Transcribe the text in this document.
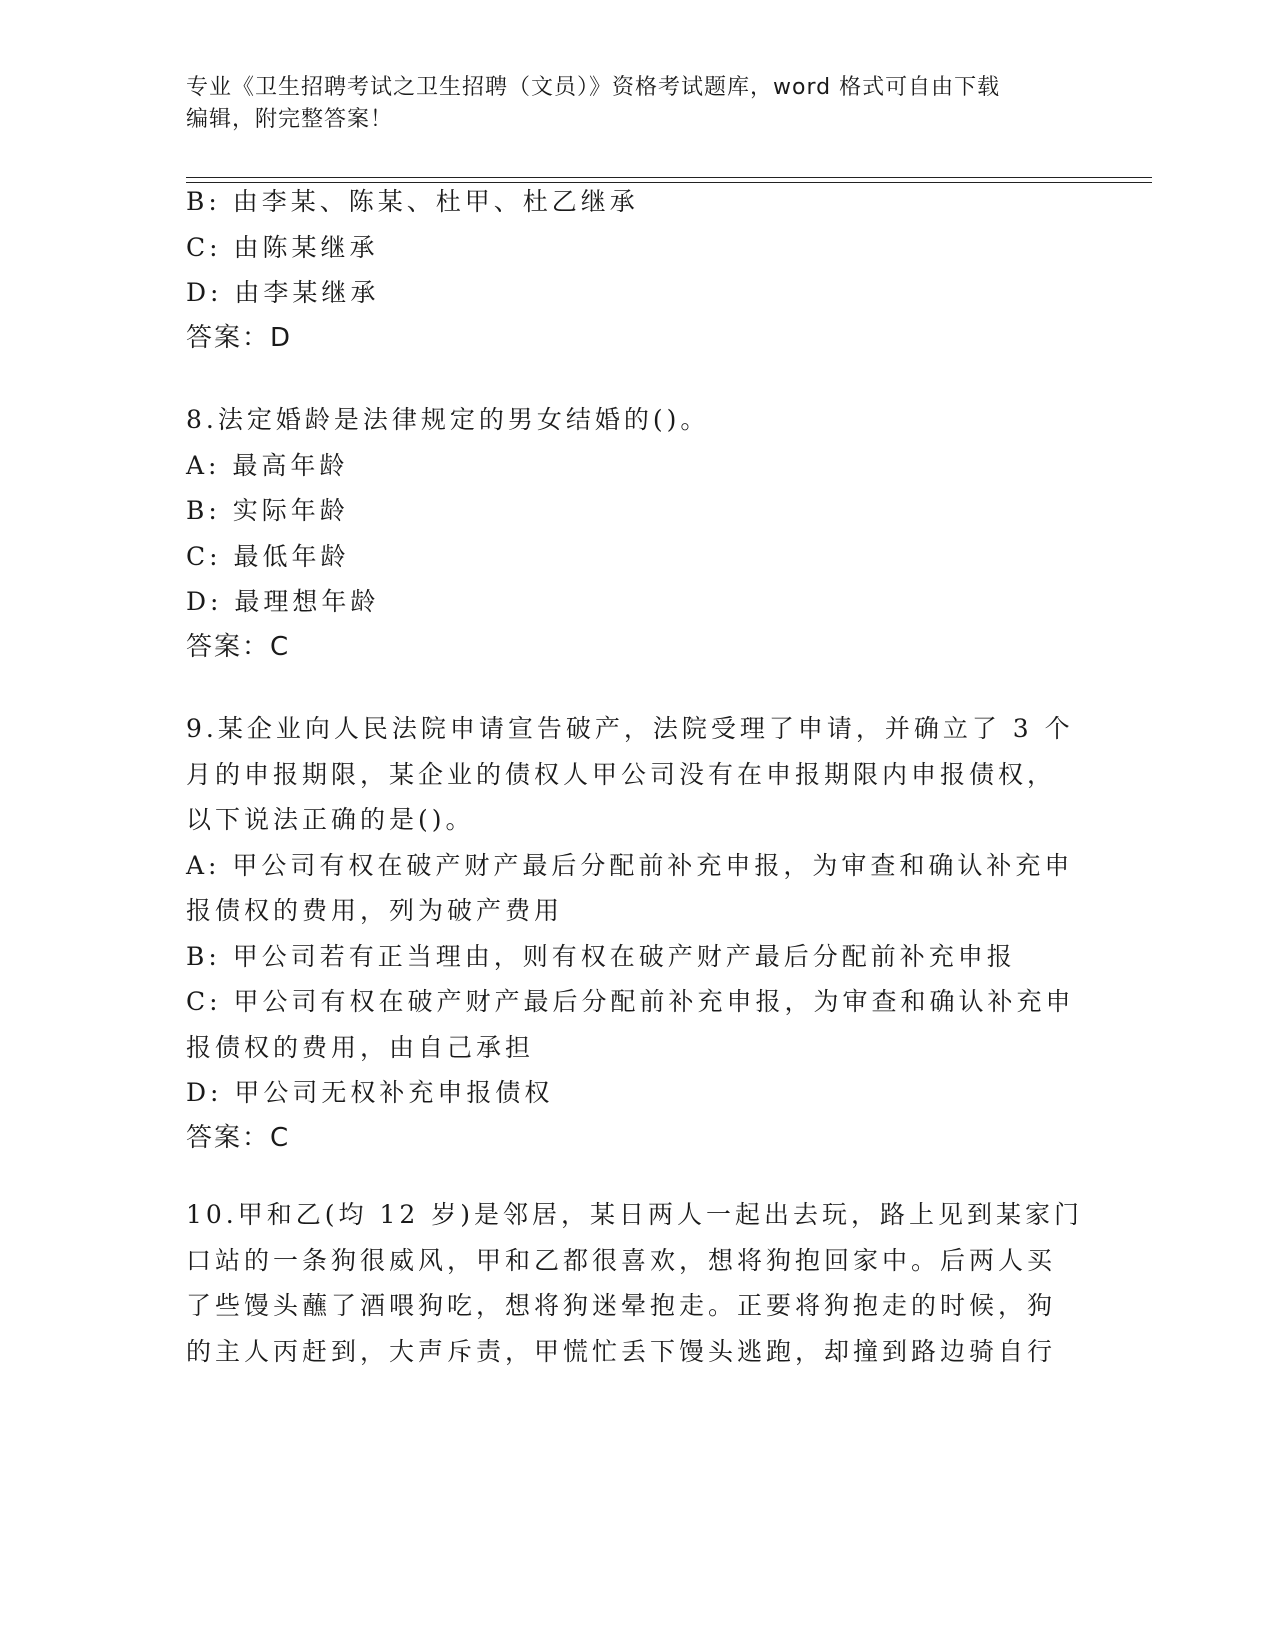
专业《卫生招聘考试之卫生招聘（文员）》资格考试题库，word 格式可自由下载
编辑，附完整答案！
B: 由李某、陈某、杜甲、杜乙继承
C: 由陈某继承
D: 由李某继承
答案：D
8.法定婚龄是法律规定的男女结婚的()。
A: 最高年龄
B: 实际年龄
C: 最低年龄
D: 最理想年龄
答案：C
9.某企业向人民法院申请宣告破产，法院受理了申请，并确立了 3 个
月的申报期限，某企业的债权人甲公司没有在申报期限内申报债权，
以下说法正确的是()。
A: 甲公司有权在破产财产最后分配前补充申报，为审查和确认补充申
报债权的费用，列为破产费用
B: 甲公司若有正当理由，则有权在破产财产最后分配前补充申报
C: 甲公司有权在破产财产最后分配前补充申报，为审查和确认补充申
报债权的费用，由自己承担
D: 甲公司无权补充申报债权
答案：C
10.甲和乙(均 12 岁)是邻居，某日两人一起出去玩，路上见到某家门
口站的一条狗很威风，甲和乙都很喜欢，想将狗抱回家中。后两人买
了些馒头蘸了酒喂狗吃，想将狗迷晕抱走。正要将狗抱走的时候，狗
的主人丙赶到，大声斥责，甲慌忙丢下馒头逃跑，却撞到路边骑自行
